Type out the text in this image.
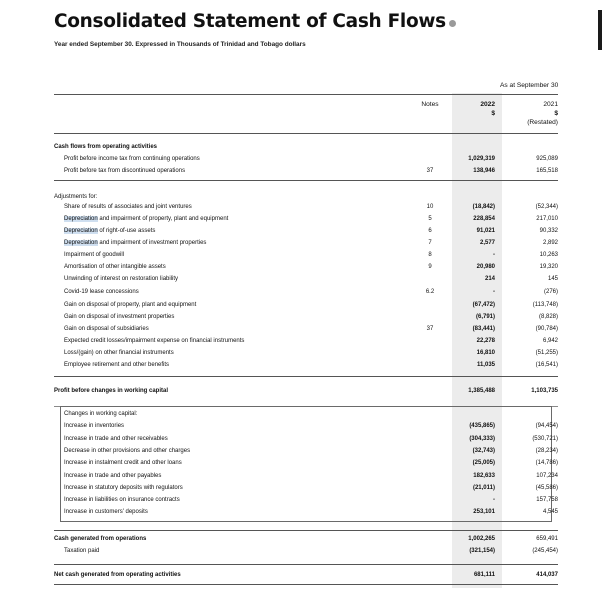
Consolidated Statement of Cash Flows
Year ended September 30. Expressed in Thousands of Trinidad and Tobago dollars
As at September 30
Notes	2022
$
2021
$
(Restated)
Cash flows from operating activities
Profit before income tax from continuing operations	1,029,319	925,089
Profit before tax from discontinued operations	37	138,946	165,518
Adjustments for:
Share of results of associates and joint ventures	10	(18,842)	(52,344)
Depreciation and impairment of property, plant and equipment	5	228,854	217,010
Depreciation of right-of-use assets	6	91,021	90,332
Depreciation and impairment of investment properties	7	2,577	2,892
Impairment of goodwill	8	-	10,263
Amortisation of other intangible assets	9	20,980	19,320
Unwinding of interest on restoration liability	214	145
Covid-19 lease concessions	6.2	-	(276)
Gain on disposal of property, plant and equipment	(67,472)	(113,748)
Gain on disposal of investment properties	(6,791)	(8,828)
Gain on disposal of subsidiaries	37	(83,441)	(90,784)
Expected credit losses/impairment expense on financial instruments	22,278	6,942
Loss/(gain) on other financial instruments	16,810	(51,255)
Employee retirement and other benefits	11,035	(16,541)
Profit before changes in working capital	1,385,488	1,103,735
Changes in working capital:
Increase in inventories	(435,865)	(94,454)
Increase in trade and other receivables	(304,333)	(530,721)
Decrease in other provisions and other charges	(32,743)	(28,234)
Increase in instalment credit and other loans	(25,005)	(14,786)
Increase in trade and other payables	182,633	107,234
Increase in statutory deposits with regulators	(21,011)	(45,586)
Increase in liabilities on insurance contracts	-	157,758
Increase in customers' deposits	253,101	4,545
Cash generated from operations	1,002,265	659,491
Taxation paid	(321,154)	(245,454)
Net cash generated from operating activities	681,111	414,037
